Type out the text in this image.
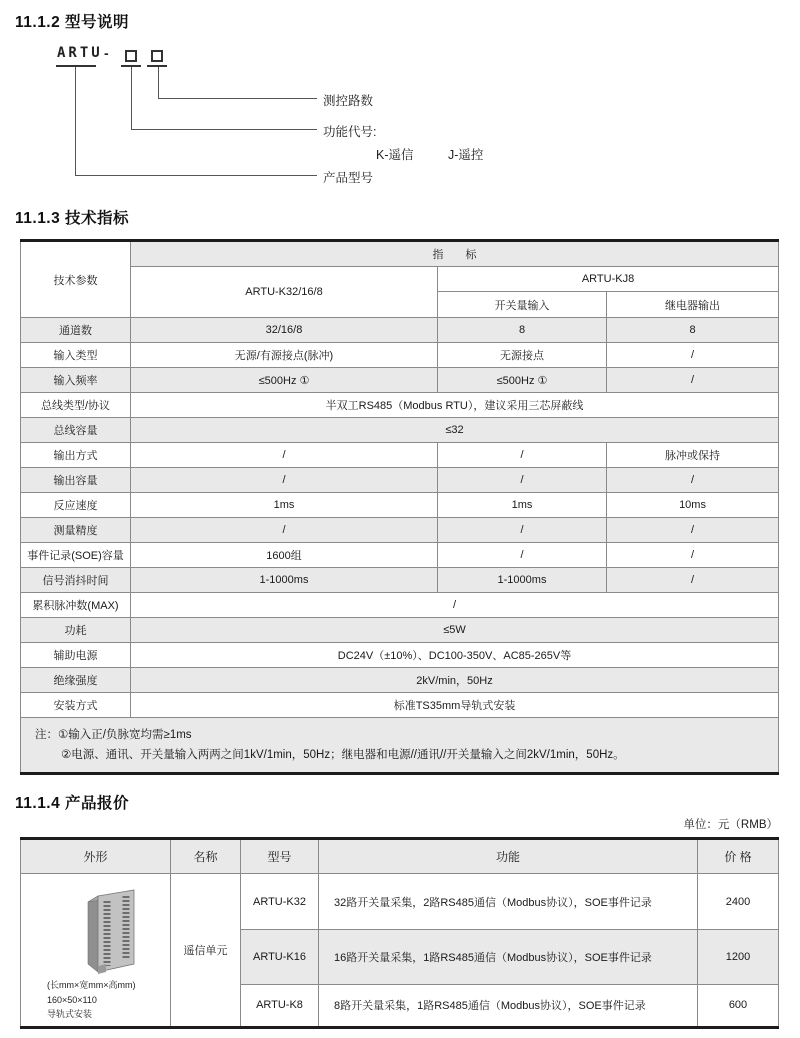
11.1.2 型号说明
ARTU -
测控路数
功能代号:
K-遥信	J-遥控
产品型号
11.1.3 技术指标
技术参数	指　　标		
	ARTU-K32/16/8	ARTU-KJ8	
		开关量输入	继电器输出
通道数	32/16/8	8	8
输入类型	无源/有源接点(脉冲)	无源接点	/
输入频率	≤500Hz ①	≤500Hz ①	/
总线类型/协议	半双工RS485（Modbus RTU），建议采用三芯屏蔽线		
总线容量	≤32		
输出方式	/	/	脉冲或保持
输出容量	/	/	/
反应速度	1ms	1ms	10ms
测量精度	/	/	/
事件记录(SOE)容量	1600组	/	/
信号消抖时间	1-1000ms	1-1000ms	/
累积脉冲数(MAX)	/		
功耗	≤5W		
辅助电源	DC24V（±10%）、DC100-350V、AC85-265V等		
绝缘强度	2kV/min，50Hz		
安装方式	标准TS35mm导轨式安装		

注：①输入正/负脉宽均需≥1ms
②电源、通讯、开关量输入两两之间1kV/1min，50Hz；继电器和电源//通讯//开关量输入之间2kV/1min，50Hz。			
11.1.4 产品报价
单位：元（RMB）
外形	名称	型号	功能	价 格

(长mm×宽mm×高mm)
160×50×110
导轨式安装	遥信单元	ARTU-K32	32路开关量采集，2路RS485通信（Modbus协议），SOE事件记录	2400
		ARTU-K16	16路开关量采集，1路RS485通信（Modbus协议），SOE事件记录	1200
		ARTU-K8	8路开关量采集，1路RS485通信（Modbus协议），SOE事件记录	600
